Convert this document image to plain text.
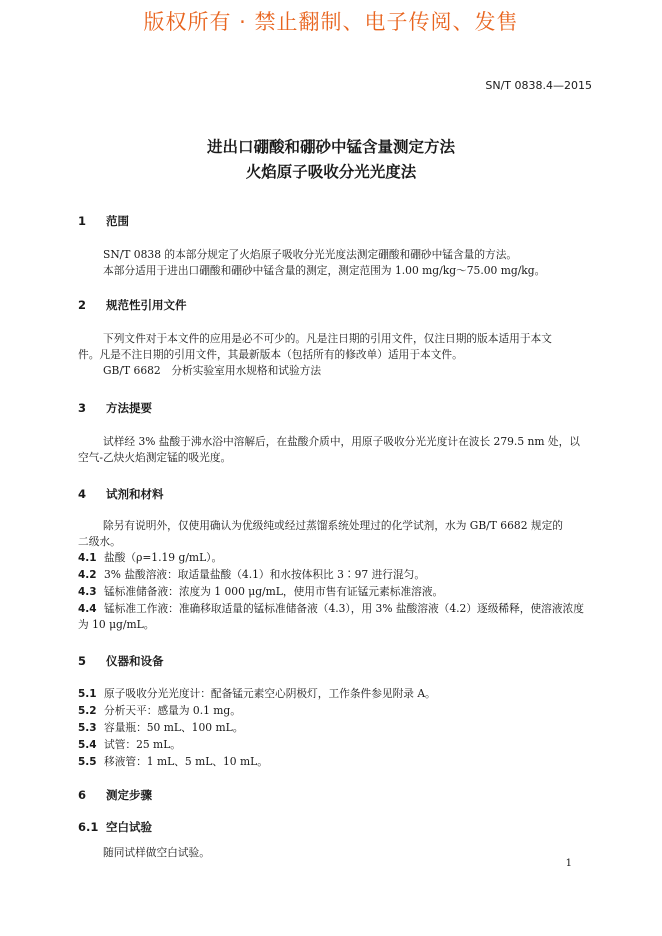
版权所有 · 禁止翻制、电子传阅、发售
SN/T 0838.4—2015
进出口硼酸和硼砂中锰含量测定方法
火焰原子吸收分光光度法
1 范围
SN/T 0838 的本部分规定了火焰原子吸收分光光度法测定硼酸和硼砂中锰含量的方法。
本部分适用于进出口硼酸和硼砂中锰含量的测定，测定范围为 1.00 mg/kg～75.00 mg/kg。
2 规范性引用文件
下列文件对于本文件的应用是必不可少的。凡是注日期的引用文件，仅注日期的版本适用于本文
件。凡是不注日期的引用文件，其最新版本（包括所有的修改单）适用于本文件。
GB/T 6682　分析实验室用水规格和试验方法
3 方法提要
试样经 3% 盐酸于沸水浴中溶解后，在盐酸介质中，用原子吸收分光光度计在波长 279.5 nm 处，以
空气-乙炔火焰测定锰的吸光度。
4 试剂和材料
除另有说明外，仅使用确认为优级纯或经过蒸馏系统处理过的化学试剂，水为 GB/T 6682 规定的
二级水。
4.1 盐酸（ρ=1.19 g/mL）。
4.2 3% 盐酸溶液：取适量盐酸（4.1）和水按体积比 3∶97 进行混匀。
4.3 锰标准储备液：浓度为 1 000 μg/mL，使用市售有证锰元素标准溶液。
4.4 锰标准工作液：准确移取适量的锰标准储备液（4.3），用 3% 盐酸溶液（4.2）逐级稀释，使溶液浓度
为 10 μg/mL。
5 仪器和设备
5.1 原子吸收分光光度计：配备锰元素空心阴极灯，工作条件参见附录 A。
5.2 分析天平：感量为 0.1 mg。
5.3 容量瓶：50 mL、100 mL。
5.4 试管：25 mL。
5.5 移液管：1 mL、5 mL、10 mL。
6 测定步骤
6.1 空白试验
随同试样做空白试验。
1
